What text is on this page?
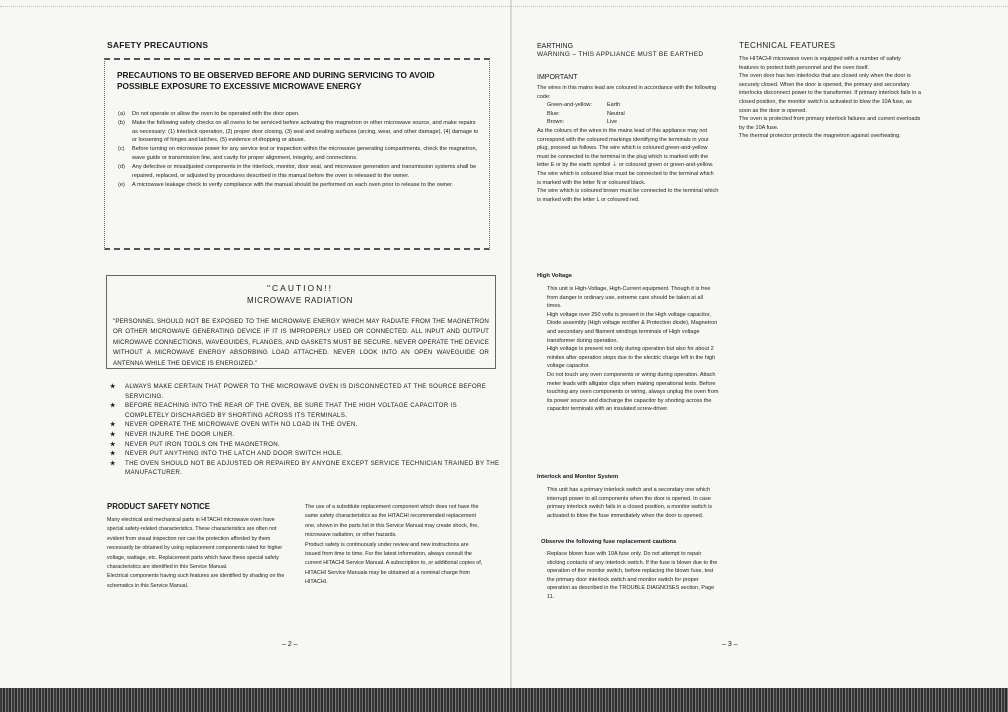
SAFETY PRECAUTIONS
PRECAUTIONS TO BE OBSERVED BEFORE AND DURING SERVICING TO AVOID POSSIBLE EXPOSURE TO EXCESSIVE MICROWAVE ENERGY
(a)	Do not operate or allow the oven to be operated with the door open.
(b)	Make the following safety checks on all ovens to be serviced before activating the magnetron or other microwave source, and make repairs as necessary: (1) Interlock operation, (2) proper door closing, (3) seal and sealing surfaces (arcing, wear, and other damage), (4) damage to or loosening of hinges and latches, (5) evidence of dropping or abuse.
(c)	Before turning on microwave power for any service test or inspection within the microwave generating compartments, check the magnetron, wave guide or transmission line, and cavity for proper alignment, integrity, and connections.
(d)	Any defective or misadjusted components in the interlock, monitor, door seal, and microwave generation and transmission systems shall be repaired, replaced, or adjusted by procedures described in this manual before the oven is released to the owner.
(e)	A microwave leakage check to verify compliance with the manual should be performed on each oven prior to release to the owner.
"CAUTION!!
MICROWAVE RADIATION
"PERSONNEL SHOULD NOT BE EXPOSED TO THE MICROWAVE ENERGY WHICH MAY RADIATE FROM THE MAGNETRON OR OTHER MICROWAVE GENERATING DEVICE IF IT IS IMPROPERLY USED OR CONNECTED. ALL INPUT AND OUTPUT MICROWAVE CONNECTIONS, WAVEGUIDES, FLANGES, AND GASKETS MUST BE SECURE. NEVER OPERATE THE DEVICE WITHOUT A MICROWAVE ENERGY ABSORBING LOAD ATTACHED. NEVER LOOK INTO AN OPEN WAVEGUIDE OR ANTENNA WHILE THE DEVICE IS ENERGIZED."
★	ALWAYS MAKE CERTAIN THAT POWER TO THE MICROWAVE OVEN IS DISCONNECTED AT THE SOURCE BEFORE SERVICING.
★	BEFORE REACHING INTO THE REAR OF THE OVEN, BE SURE THAT THE HIGH VOLTAGE CAPACITOR IS COMPLETELY DISCHARGED BY SHORTING ACROSS ITS TERMINALS.
★	NEVER OPERATE THE MICROWAVE OVEN WITH NO LOAD IN THE OVEN.
★	NEVER INJURE THE DOOR LINER.
★	NEVER PUT IRON TOOLS ON THE MAGNETRON.
★	NEVER PUT ANYTHING INTO THE LATCH AND DOOR SWITCH HOLE.
★	THE OVEN SHOULD NOT BE ADJUSTED OR REPAIRED BY ANYONE EXCEPT SERVICE TECHNICIAN TRAINED BY THE MANUFACTURER.
PRODUCT SAFETY NOTICE

Many electrical and mechanical parts in HITACHI microwave oven have special safety-related characteristics. These characteristics are often not evident from visual inspection nor can the protection afforded by them necessarily be obtained by using replacement components rated for higher voltage, wattage, etc. Replacement parts which have these special safety characteristics are identified in this Service Manual.

Electrical components having such features are identified by shading on the schematics in this Service Manual.

The use of a substitute replacement component which does not have the same safety characteristics as the HITACHI recommended replacement one, shown in the parts list in this Service Manual may create shock, fire, microwave radiation, or other hazards.

Product safety is continuously under review and new instructions are issued from time to time. For the latest information, always consult the current HITACHI Service Manual. A subscription to, or additional copies of, HITACHI Service Manuals may be obtained at a nominal charge from HITACHI.

– 2 –
EARTHING
WARNING – THIS APPLIANCE MUST BE EARTHED
IMPORTANT

The wires in this mains lead are coloured in accordance with the following code:

Green-and-yellow:	Earth
Blue:	Neutral
Brown:	Live

As the colours of the wires in the mains lead of this appliance may not correspond with the coloured markings identifying the terminals in your plug, proceed as follows. The wire which is coloured green-and-yellow must be connected to the terminal in the plug which is marked with the letter E or by the earth symbol ⏚ or coloured green or green-and-yellow.

The wire which is coloured blue must be connected to the terminal which is marked with the letter N or coloured black.

The wire which is coloured brown must be connected to the terminal which is marked with the letter L or coloured red.

High Voltage

This unit is High-Voltage, High-Current equipment. Though it is free from danger in ordinary use, extreme care should be taken at all times.

High voltage over 250 volts is present in the High voltage capacitor, Diode assembly (High voltage rectifier & Protection diode), Magnetron and secondary and filament windings terminals of High voltage transformer during operation.

High voltage is present not only during operation but also for about 2 minites after operation stops due to the electric charge left in the high voltage capacitor.

Do not touch any oven components or wiring during operation. Attach meter leads with alligator clips when making operational tests. Before touching any oven components or wiring, always unplug the oven from its power source and discharge the capacitor by shorting across the capacitor terminals with an insulated screw-driver.

Interlock and Monitor System
This unit has a primary interlock switch and a secondary one which interrupt power to all components when the door is opened. In case primary interlock switch fails in a closed position, a monitor switch is activated to blow the fuse immediately when the door is opened.
Observe the following fuse replacement cautions
Replace blown fuse with 10A fuse only. Do not attempt to repair sticking contacts of any interlock switch. If the fuse is blown due to the operation of the monitor switch, before replacing the blown fuse, test the primary door interlock switch and monitor switch for proper operation as described in the TROUBLE DIAGNOSES section, Page 11.
– 3 –
TECHNICAL FEATURES

The HITACHI microwave oven is equipped with a number of safety features to protect both personnel and the oven itself.

The oven door has two interlocks that are closed only when the door is securely closed. When the door is opened, the primary and secondary interlocks disconnect power to the transformer. If primary interlock fails in a closed position, the monitor switch is activated to blow the 10A fuse, as soon as the door is opened.

The oven is protected from primary interlock failures and current overloads by the 10A fuse.

The thermal protector protects the magnetron against overheating.
